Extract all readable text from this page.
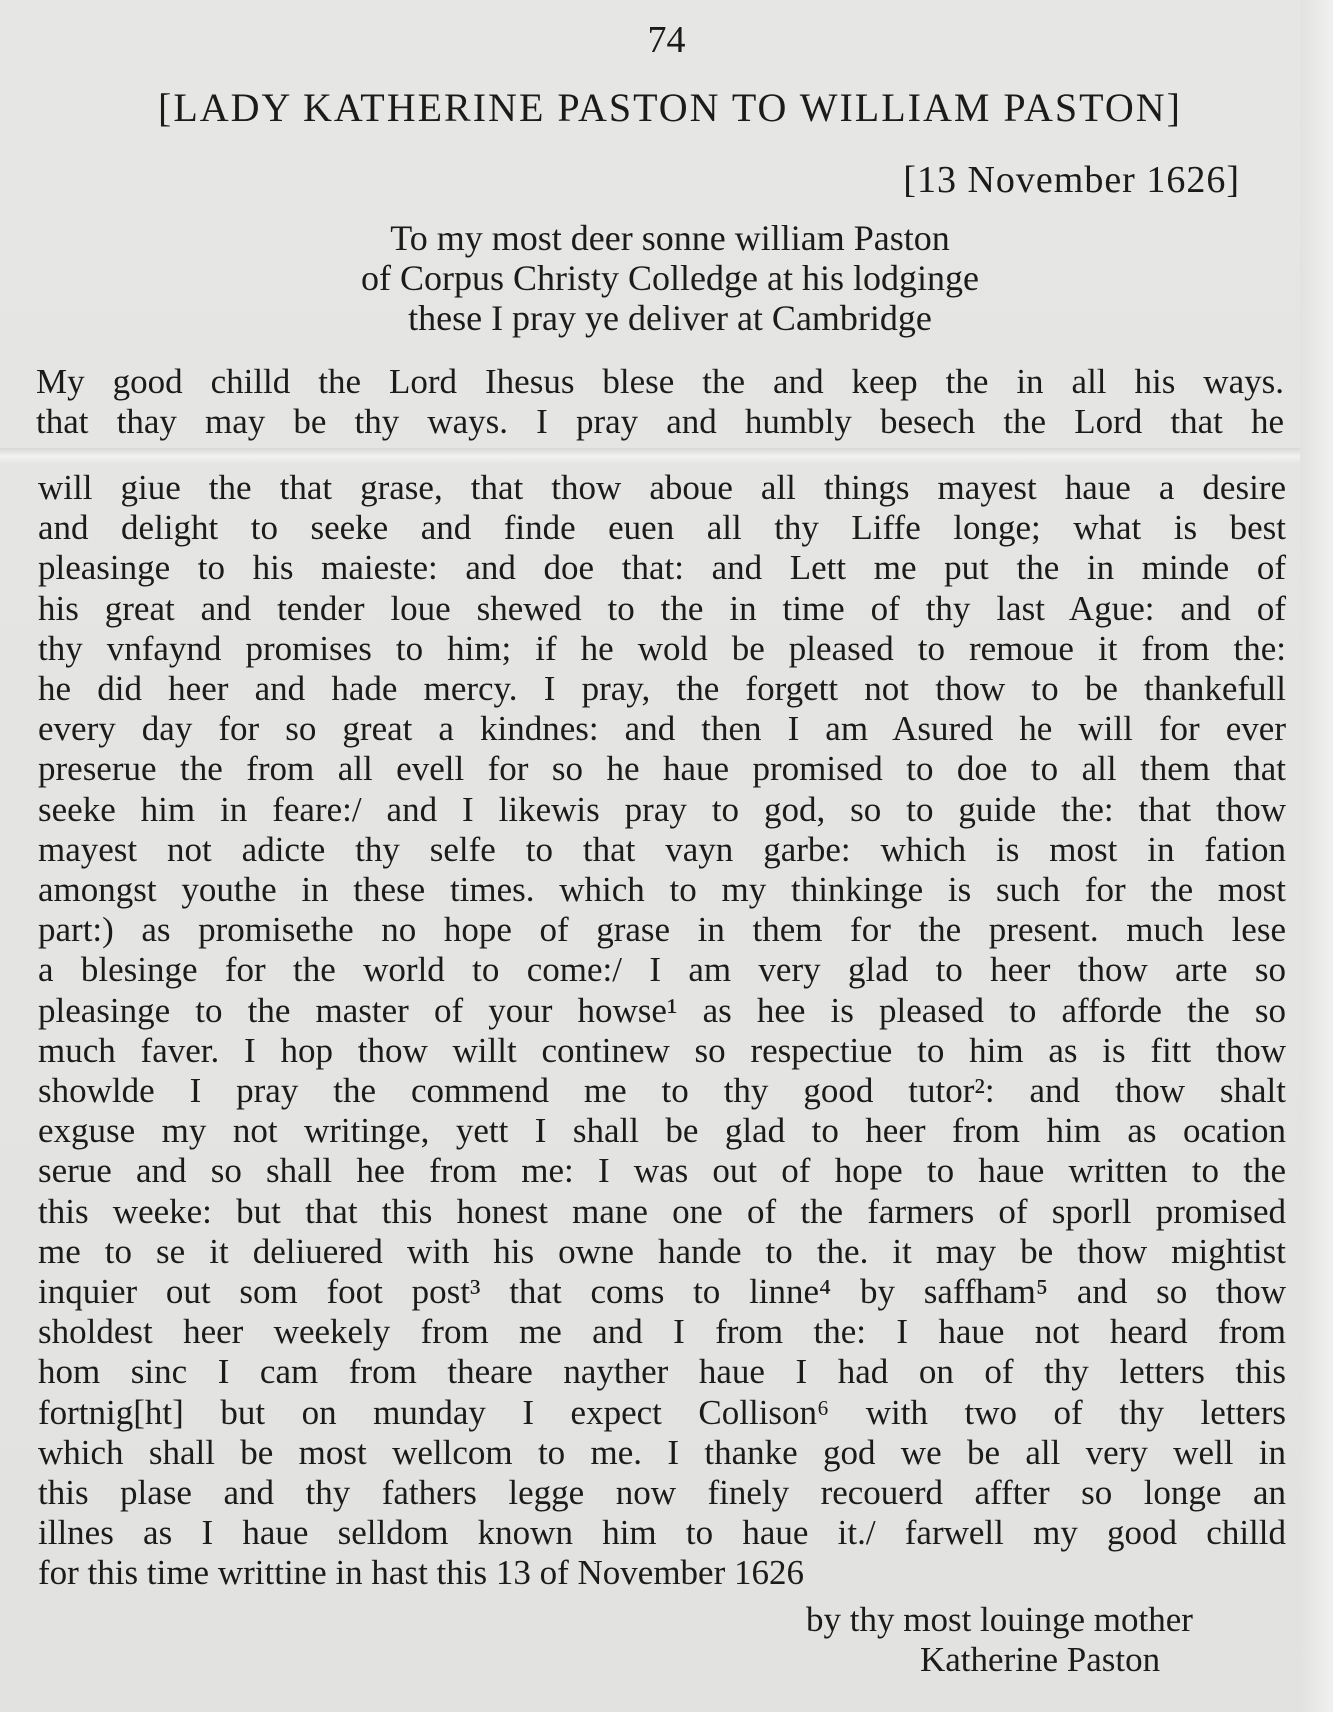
74
[LADY KATHERINE PASTON TO WILLIAM PASTON]
[13 November 1626]
To my most deer sonne william Paston
of Corpus Christy Colledge at his lodginge
these I pray ye deliver at Cambridge
My good chilld the Lord Ihesus blese the and keep the in all his ways.
that thay may be thy ways. I pray and humbly besech the Lord that he
will giue the that grase, that thow aboue all things mayest haue a desire
and delight to seeke and finde euen all thy Liffe longe; what is best
pleasinge to his maieste: and doe that: and Lett me put the in minde of
his great and tender loue shewed to the in time of thy last Ague: and of
thy vnfaynd promises to him; if he wold be pleased to remoue it from the:
he did heer and hade mercy. I pray, the forgett not thow to be thankefull
every day for so great a kindnes: and then I am Asured he will for ever
preserue the from all evell for so he haue promised to doe to all them that
seeke him in feare:/ and I likewis pray to god, so to guide the: that thow
mayest not adicte thy selfe to that vayn garbe: which is most in fation
amongst youthe in these times. which to my thinkinge is such for the most
part:) as promisethe no hope of grase in them for the present. much lese
a blesinge for the world to come:/ I am very glad to heer thow arte so
pleasinge to the master of your howse¹ as hee is pleased to afforde the so
much faver. I hop thow willt continew so respectiue to him as is fitt thow
showlde I pray the commend me to thy good tutor²: and thow shalt
exguse my not writinge, yett I shall be glad to heer from him as ocation
serue and so shall hee from me: I was out of hope to haue written to the
this weeke: but that this honest mane one of the farmers of sporll promised
me to se it deliuered with his owne hande to the. it may be thow mightist
inquier out som foot post³ that coms to linne⁴ by saffham⁵ and so thow
sholdest heer weekely from me and I from the: I haue not heard from
hom sinc I cam from theare nayther haue I had on of thy letters this
fortnig[ht] but on munday I expect Collison⁶ with two of thy letters
which shall be most wellcom to me. I thanke god we be all very well in
this plase and thy fathers legge now finely recouerd affter so longe an
illnes as I haue selldom known him to haue it./ farwell my good chilld
for this time writtine in hast this 13 of November 1626
by thy most louinge mother
Katherine Paston
